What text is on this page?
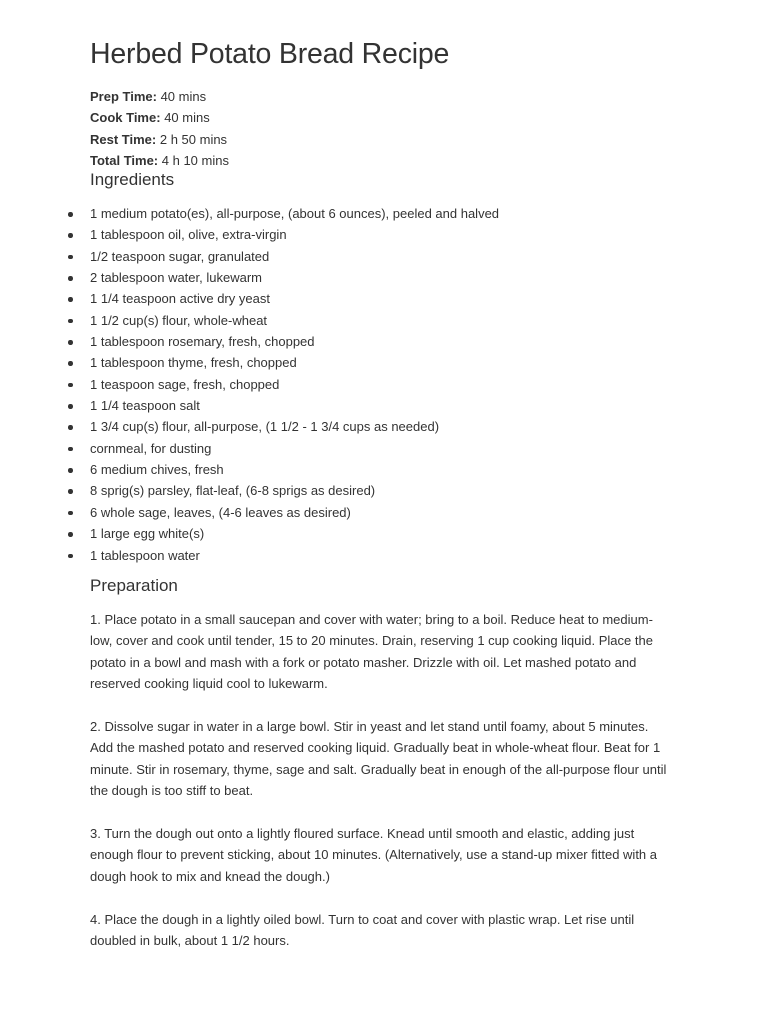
Herbed Potato Bread Recipe
Prep Time: 40 mins
Cook Time: 40 mins
Rest Time: 2 h 50 mins
Total Time: 4 h 10 mins
Ingredients
1 medium potato(es), all-purpose, (about 6 ounces), peeled and halved
1 tablespoon oil, olive, extra-virgin
1/2 teaspoon sugar, granulated
2 tablespoon water, lukewarm
1 1/4 teaspoon active dry yeast
1 1/2 cup(s) flour, whole-wheat
1 tablespoon rosemary, fresh, chopped
1 tablespoon thyme, fresh, chopped
1 teaspoon sage, fresh, chopped
1 1/4 teaspoon salt
1 3/4 cup(s) flour, all-purpose, (1 1/2 - 1 3/4 cups as needed)
cornmeal, for dusting
6 medium chives, fresh
8 sprig(s) parsley, flat-leaf, (6-8 sprigs as desired)
6 whole sage, leaves, (4-6 leaves as desired)
1 large egg white(s)
1 tablespoon water
Preparation

1. Place potato in a small saucepan and cover with water; bring to a boil. Reduce heat to medium-
low, cover and cook until tender, 15 to 20 minutes. Drain, reserving 1 cup cooking liquid. Place the
potato in a bowl and mash with a fork or potato masher. Drizzle with oil. Let mashed potato and
reserved cooking liquid cool to lukewarm.

2. Dissolve sugar in water in a large bowl. Stir in yeast and let stand until foamy, about 5 minutes.
Add the mashed potato and reserved cooking liquid. Gradually beat in whole-wheat flour. Beat for 1
minute. Stir in rosemary, thyme, sage and salt. Gradually beat in enough of the all-purpose flour until
the dough is too stiff to beat.

3. Turn the dough out onto a lightly floured surface. Knead until smooth and elastic, adding just
enough flour to prevent sticking, about 10 minutes. (Alternatively, use a stand-up mixer fitted with a
dough hook to mix and knead the dough.)

4. Place the dough in a lightly oiled bowl. Turn to coat and cover with plastic wrap. Let rise until
doubled in bulk, about 1 1/2 hours.
